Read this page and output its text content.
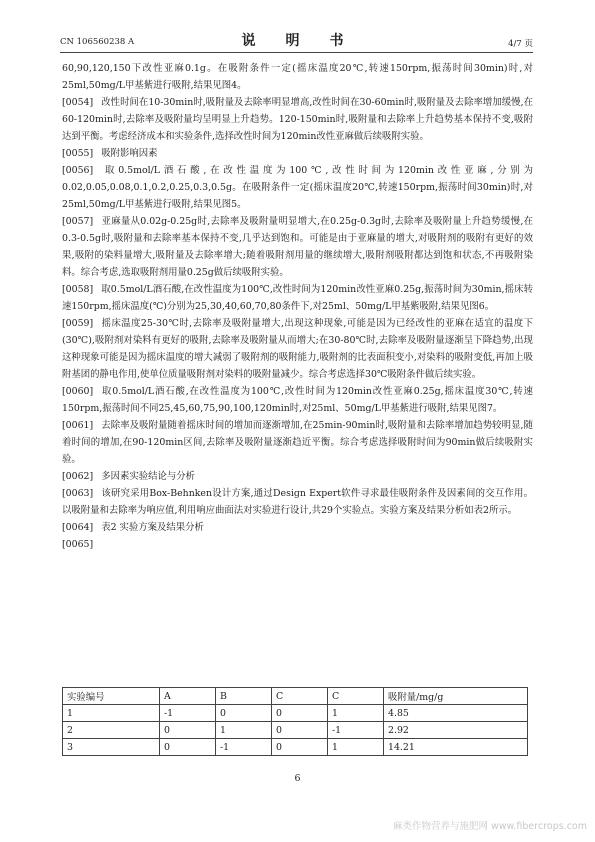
CN 106560238 A	说　明　书	4/7 页

60,90,120,150下改性亚麻0.1g。在吸附条件一定(摇床温度20℃,转速150rpm,振荡时间30min)时,对25ml,50mg/L甲基紫进行吸附,结果见图4。

[0054] 改性时间在10-30min时,吸附量及去除率明显增高,改性时间在30-60min时,吸附量及去除率增加缓慢,在60-120min时,去除率及吸附量均呈明显上升趋势。120-150min时,吸附量和去除率上升趋势基本保持不变,吸附达到平衡。考虑经济成本和实验条件,选择改性时间为120min改性亚麻做后续吸附实验。

[0055] 吸附影响因素

[0056] 取0.5mol/L酒石酸,在改性温度为100℃,改性时间为120min改性亚麻,分别为0.02,0.05,0.08,0.1,0.2,0.25,0.3,0.5g。在吸附条件一定(摇床温度20℃,转速150rpm,振荡时间30min)时,对25ml,50mg/L甲基紫进行吸附,结果见图5。

[0057] 亚麻量从0.02g-0.25g时,去除率及吸附量明显增大,在0.25g-0.3g时,去除率及吸附量上升趋势缓慢,在0.3-0.5g时,吸附量和去除率基本保持不变,几乎达到饱和。可能是由于亚麻量的增大,对吸附剂的吸附有更好的效果,吸附的染料量增大,吸附量及去除率增大;随着吸附剂用量的继续增大,吸附剂吸附都达到饱和状态,不再吸附染料。综合考虑,选取吸附剂用量0.25g做后续吸附实验。

[0058] 取0.5mol/L酒石酸,在改性温度为100℃,改性时间为120min改性亚麻0.25g,振荡时间为30min,摇床转速150rpm,摇床温度(℃)分别为25,30,40,60,70,80条件下,对25ml、50mg/L甲基紫吸附,结果见图6。

[0059] 摇床温度25-30℃时,去除率及吸附量增大,出现这种现象,可能是因为已经改性的亚麻在适宜的温度下(30℃),吸附剂对染料有更好的吸附,去除率及吸附量从而增大;在30-80℃时,去除率及吸附量逐渐呈下降趋势,出现这种现象可能是因为摇床温度的增大减弱了吸附剂的吸附能力,吸附剂的比表面积变小,对染料的吸附变低,再加上吸附基团的静电作用,使单位质量吸附剂对染料的吸附量减少。综合考虑选择30℃吸附条件做后续实验。

[0060] 取0.5mol/L酒石酸,在改性温度为100℃,改性时间为120min改性亚麻0.25g,摇床温度30℃,转速150rpm,振荡时间不同25,45,60,75,90,100,120min时,对25ml、50mg/L甲基紫进行吸附,结果见图7。

[0061] 去除率及吸附量随着摇床时间的增加而逐渐增加,在25min-90min时,吸附量和去除率增加趋势较明显,随着时间的增加,在90-120min区间,去除率及吸附量逐渐趋近平衡。综合考虑选择吸附时间为90min做后续吸附实验。

[0062] 多因素实验结论与分析

[0063] 该研究采用Box-Behnken设计方案,通过Design Expert软件寻求最佳吸附条件及因素间的交互作用。以吸附量和去除率为响应值,利用响应曲面法对实验进行设计,共29个实验点。实验方案及结果分析如表2所示。

[0064] 表2 实验方案及结果分析

[0065]

实验编号	A	B	C	C	吸附量/mg/g
1	-1	0	0	1	4.85
2	0	1	0	-1	2.92
3	0	-1	0	1	14.21
6
麻类作物营养与施肥网 www.fibercrops.com
